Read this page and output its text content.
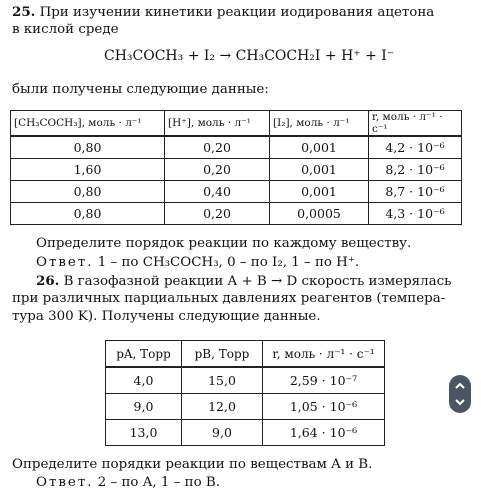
25. При изучении кинетики реакции иодирования ацетона
в кислой среде
CH₃COCH₃ + I₂ → CH₃COCH₂I + H⁺ + I⁻
были получены следующие данные:
[CH₃COCH₃], моль · л⁻¹	[H⁺], моль · л⁻¹	[I₂], моль · л⁻¹	r, моль · л⁻¹ · с⁻¹
0,80	0,20	0,001	4,2 · 10⁻⁶
1,60	0,20	0,001	8,2 · 10⁻⁶
0,80	0,40	0,001	8,7 · 10⁻⁶
0,80	0,20	0,0005	4,3 · 10⁻⁶
Определите порядок реакции по каждому веществу.
Ответ. 1 – по CH₃COCH₃, 0 – по I₂, 1 – по H⁺.
26. В газофазной реакции A + B → D скорость измерялась
при различных парциальных давлениях реагентов (темпера-
тура 300 K). Получены следующие данные.
pA, Торр	pB, Торр	r, моль · л⁻¹ · с⁻¹
4,0	15,0	2,59 · 10⁻⁷
9,0	12,0	1,05 · 10⁻⁶
13,0	9,0	1,64 · 10⁻⁶
Определите порядки реакции по веществам A и B.
Ответ. 2 – по A, 1 – по B.
